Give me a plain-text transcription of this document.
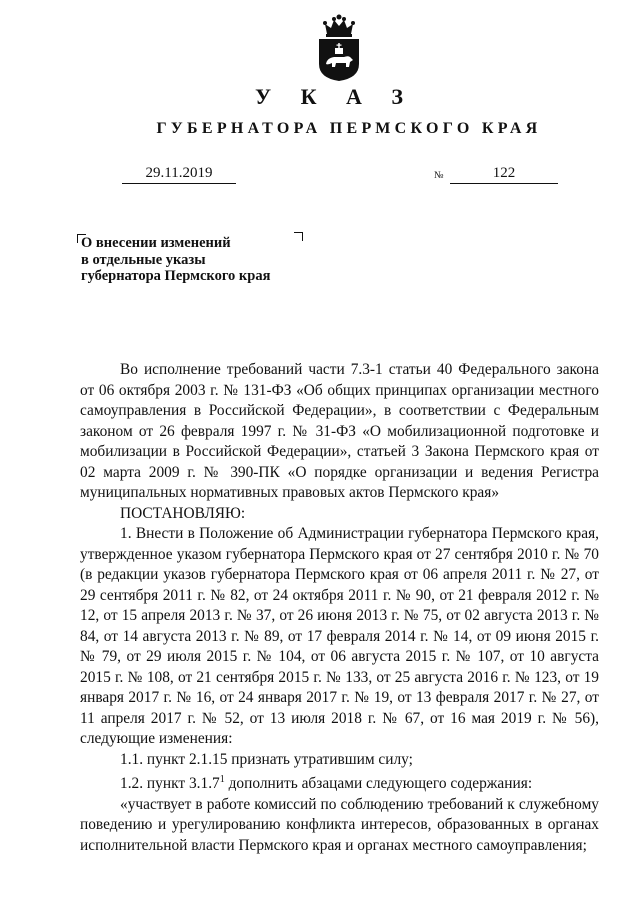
У К А З
ГУБЕРНАТОРА ПЕРМСКОГО КРАЯ
29.11.2019	№	122
О внесении изменений
в отдельные указы
губернатора Пермского края

Во исполнение требований части 7.3-1 статьи 40 Федерального закона от 06 октября 2003 г. № 131-ФЗ «Об общих принципах организации местного самоуправления в Российской Федерации», в соответствии с Федеральным законом от 26 февраля 1997 г. № 31-ФЗ «О мобилизационной подготовке и мобилизации в Российской Федерации», статьей 3 Закона Пермского края от 02 марта 2009 г. № 390-ПК «О порядке организации и ведения Регистра муниципальных нормативных правовых актов Пермского края»

ПОСТАНОВЛЯЮ:

1. Внести в Положение об Администрации губернатора Пермского края, утвержденное указом губернатора Пермского края от 27 сентября 2010 г. № 70 (в редакции указов губернатора Пермского края от 06 апреля 2011 г. № 27, от 29 сентября 2011 г. № 82, от 24 октября 2011 г. № 90, от 21 февраля 2012 г. № 12, от 15 апреля 2013 г. № 37, от 26 июня 2013 г. № 75, от 02 августа 2013 г. № 84, от 14 августа 2013 г. № 89, от 17 февраля 2014 г. № 14, от 09 июня 2015 г. № 79, от 29 июля 2015 г. № 104, от 06 августа 2015 г. № 107, от 10 августа 2015 г. № 108, от 21 сентября 2015 г. № 133, от 25 августа 2016 г. № 123, от 19 января 2017 г. № 16, от 24 января 2017 г. № 19, от 13 февраля 2017 г. № 27, от 11 апреля 2017 г. № 52, от 13 июля 2018 г. № 67, от 16 мая 2019 г. № 56), следующие изменения:

1.1. пункт 2.1.15 признать утратившим силу;

1.2. пункт 3.1.7$^1$ дополнить абзацами следующего содержания:

«участвует в работе комиссий по соблюдению требований к служебному поведению и урегулированию конфликта интересов, образованных в органах исполнительной власти Пермского края и органах местного самоуправления;
